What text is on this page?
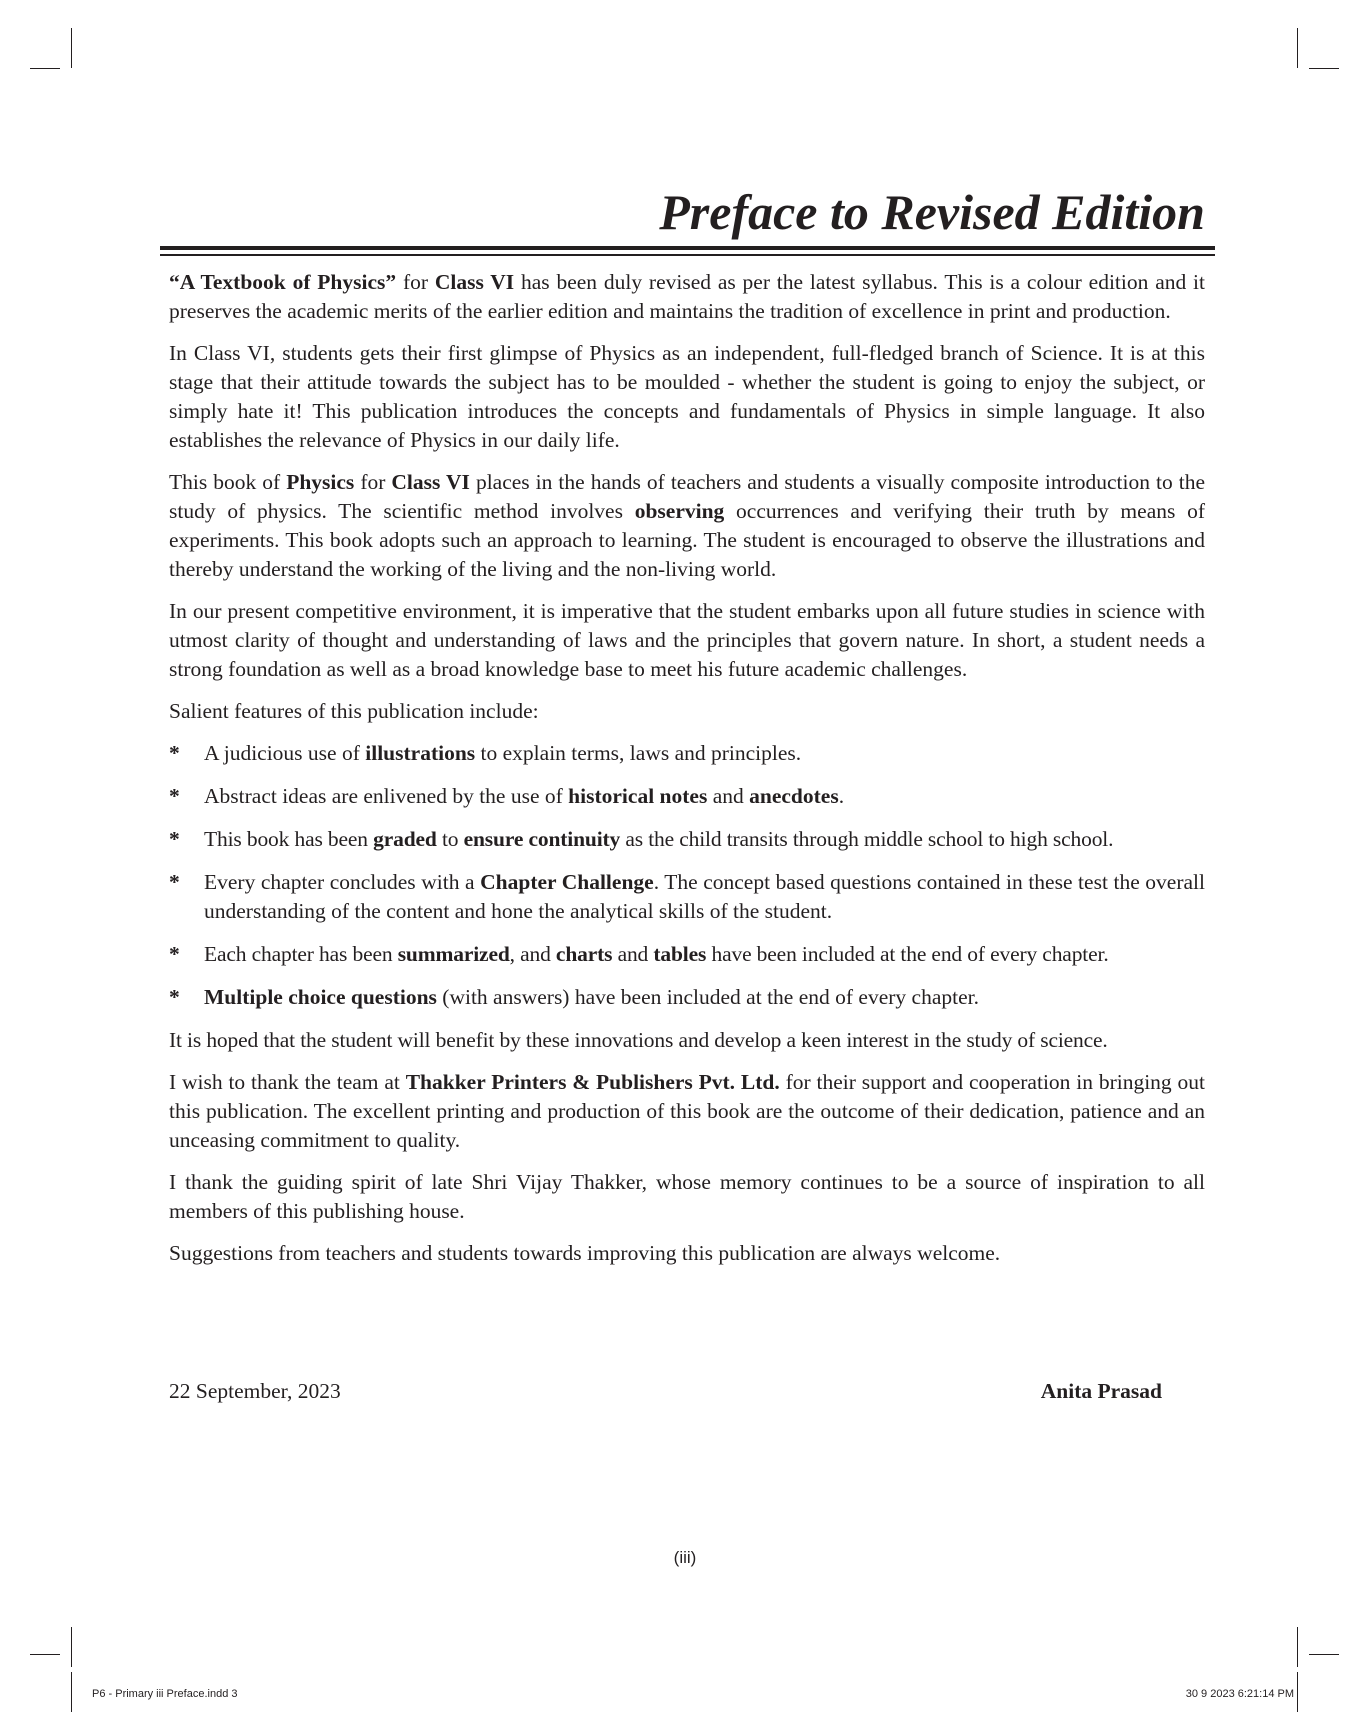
Preface to Revised Edition

“A Textbook of Physics” for Class VI has been duly revised as per the latest syllabus. This is a colour edition and it preserves the academic merits of the earlier edition and maintains the tradition of excellence in print and production.

In Class VI, students gets their first glimpse of Physics as an independent, full-fledged branch of Science. It is at this stage that their attitude towards the subject has to be moulded - whether the student is going to enjoy the subject, or simply hate it! This publication introduces the concepts and fundamentals of Physics in simple language. It also establishes the relevance of Physics in our daily life.

This book of Physics for Class VI places in the hands of teachers and students a visually composite introduction to the study of physics. The scientific method involves observing occurrences and verifying their truth by means of experiments. This book adopts such an approach to learning. The student is encouraged to observe the illustrations and thereby understand the working of the living and the non-living world.

In our present competitive environment, it is imperative that the student embarks upon all future studies in science with utmost clarity of thought and understanding of laws and the principles that govern nature. In short, a student needs a strong foundation as well as a broad knowledge base to meet his future academic challenges.

Salient features of this publication include:

* A judicious use of illustrations to explain terms, laws and principles.
* Abstract ideas are enlivened by the use of historical notes and anecdotes.
* This book has been graded to ensure continuity as the child transits through middle school to high school.
* Every chapter concludes with a Chapter Challenge. The concept based questions contained in these test the overall understanding of the content and hone the analytical skills of the student.
* Each chapter has been summarized, and charts and tables have been included at the end of every chapter.
* Multiple choice questions (with answers) have been included at the end of every chapter.

It is hoped that the student will benefit by these innovations and develop a keen interest in the study of science.

I wish to thank the team at Thakker Printers & Publishers Pvt. Ltd. for their support and cooperation in bringing out this publication. The excellent printing and production of this book are the outcome of their dedication, patience and an unceasing commitment to quality.

I thank the guiding spirit of late Shri Vijay Thakker, whose memory continues to be a source of inspiration to all members of this publishing house.

Suggestions from teachers and students towards improving this publication are always welcome.

22 September, 2023	Anita Prasad
(iii)
P6 - Primary iii Preface.indd 3	30 9 2023 6:21:14 PM
